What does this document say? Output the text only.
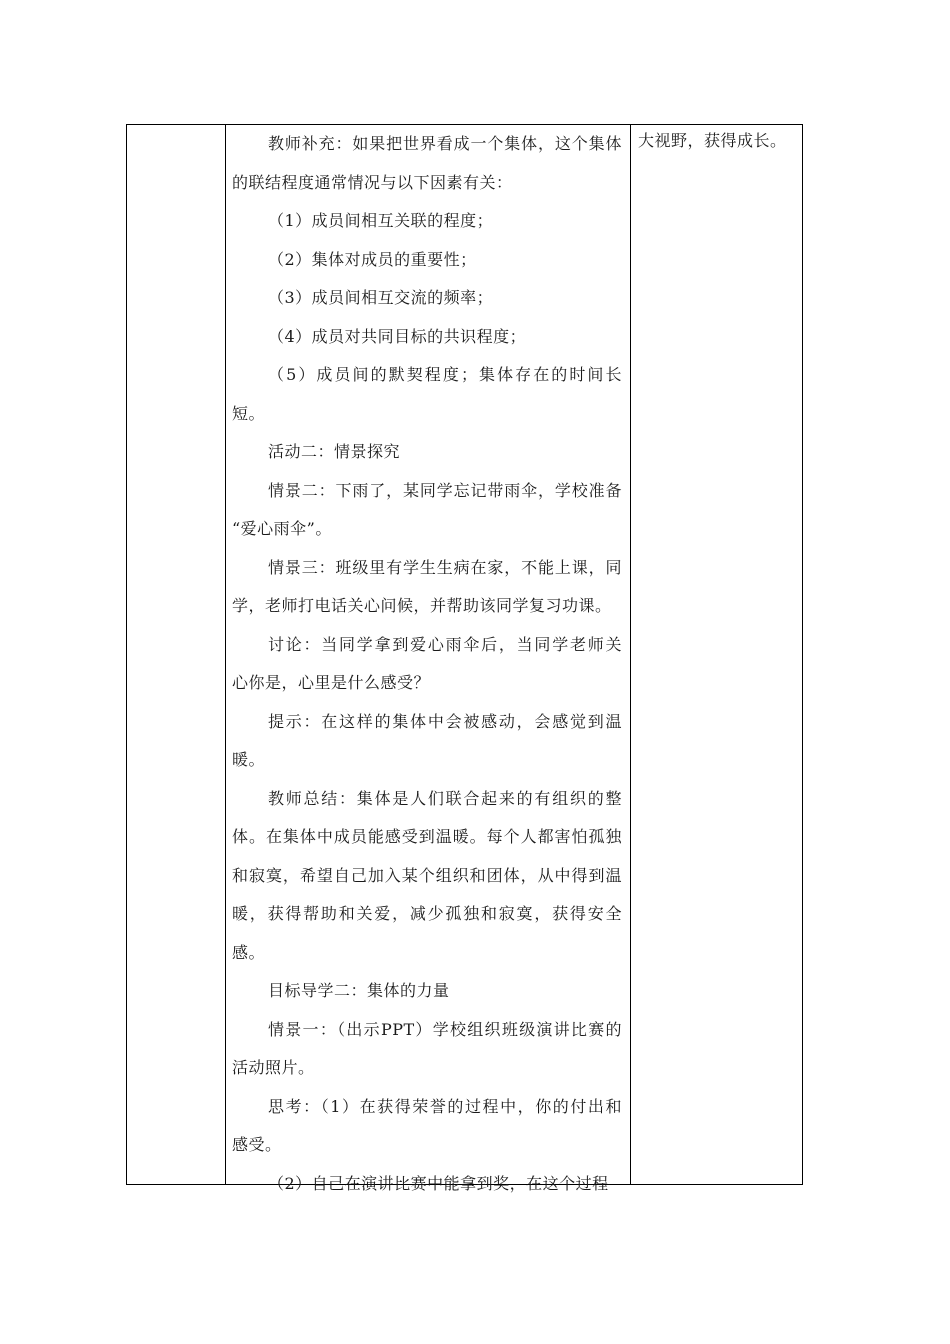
教师补充：如果把世界看成一个集体，这个集体
的联结程度通常情况与以下因素有关：
（1）成员间相互关联的程度；
（2）集体对成员的重要性；
（3）成员间相互交流的频率；
（4）成员对共同目标的共识程度；
（5）成员间的默契程度；集体存在的时间长
短。
活动二：情景探究
情景二：下雨了，某同学忘记带雨伞，学校准备
“爱心雨伞”。
情景三：班级里有学生生病在家，不能上课，同
学，老师打电话关心问候，并帮助该同学复习功课。
讨论：当同学拿到爱心雨伞后，当同学老师关
心你是，心里是什么感受？
提示：在这样的集体中会被感动，会感觉到温
暖。
教师总结：集体是人们联合起来的有组织的整
体。在集体中成员能感受到温暖。每个人都害怕孤独
和寂寞，希望自己加入某个组织和团体，从中得到温
暖，获得帮助和关爱，减少孤独和寂寞，获得安全
感。
目标导学二：集体的力量
情景一：（出示PPT）学校组织班级演讲比赛的
活动照片。
思考：（1）在获得荣誉的过程中，你的付出和
感受。
（2）自己在演讲比赛中能拿到奖，在这个过程
大视野，获得成长。
